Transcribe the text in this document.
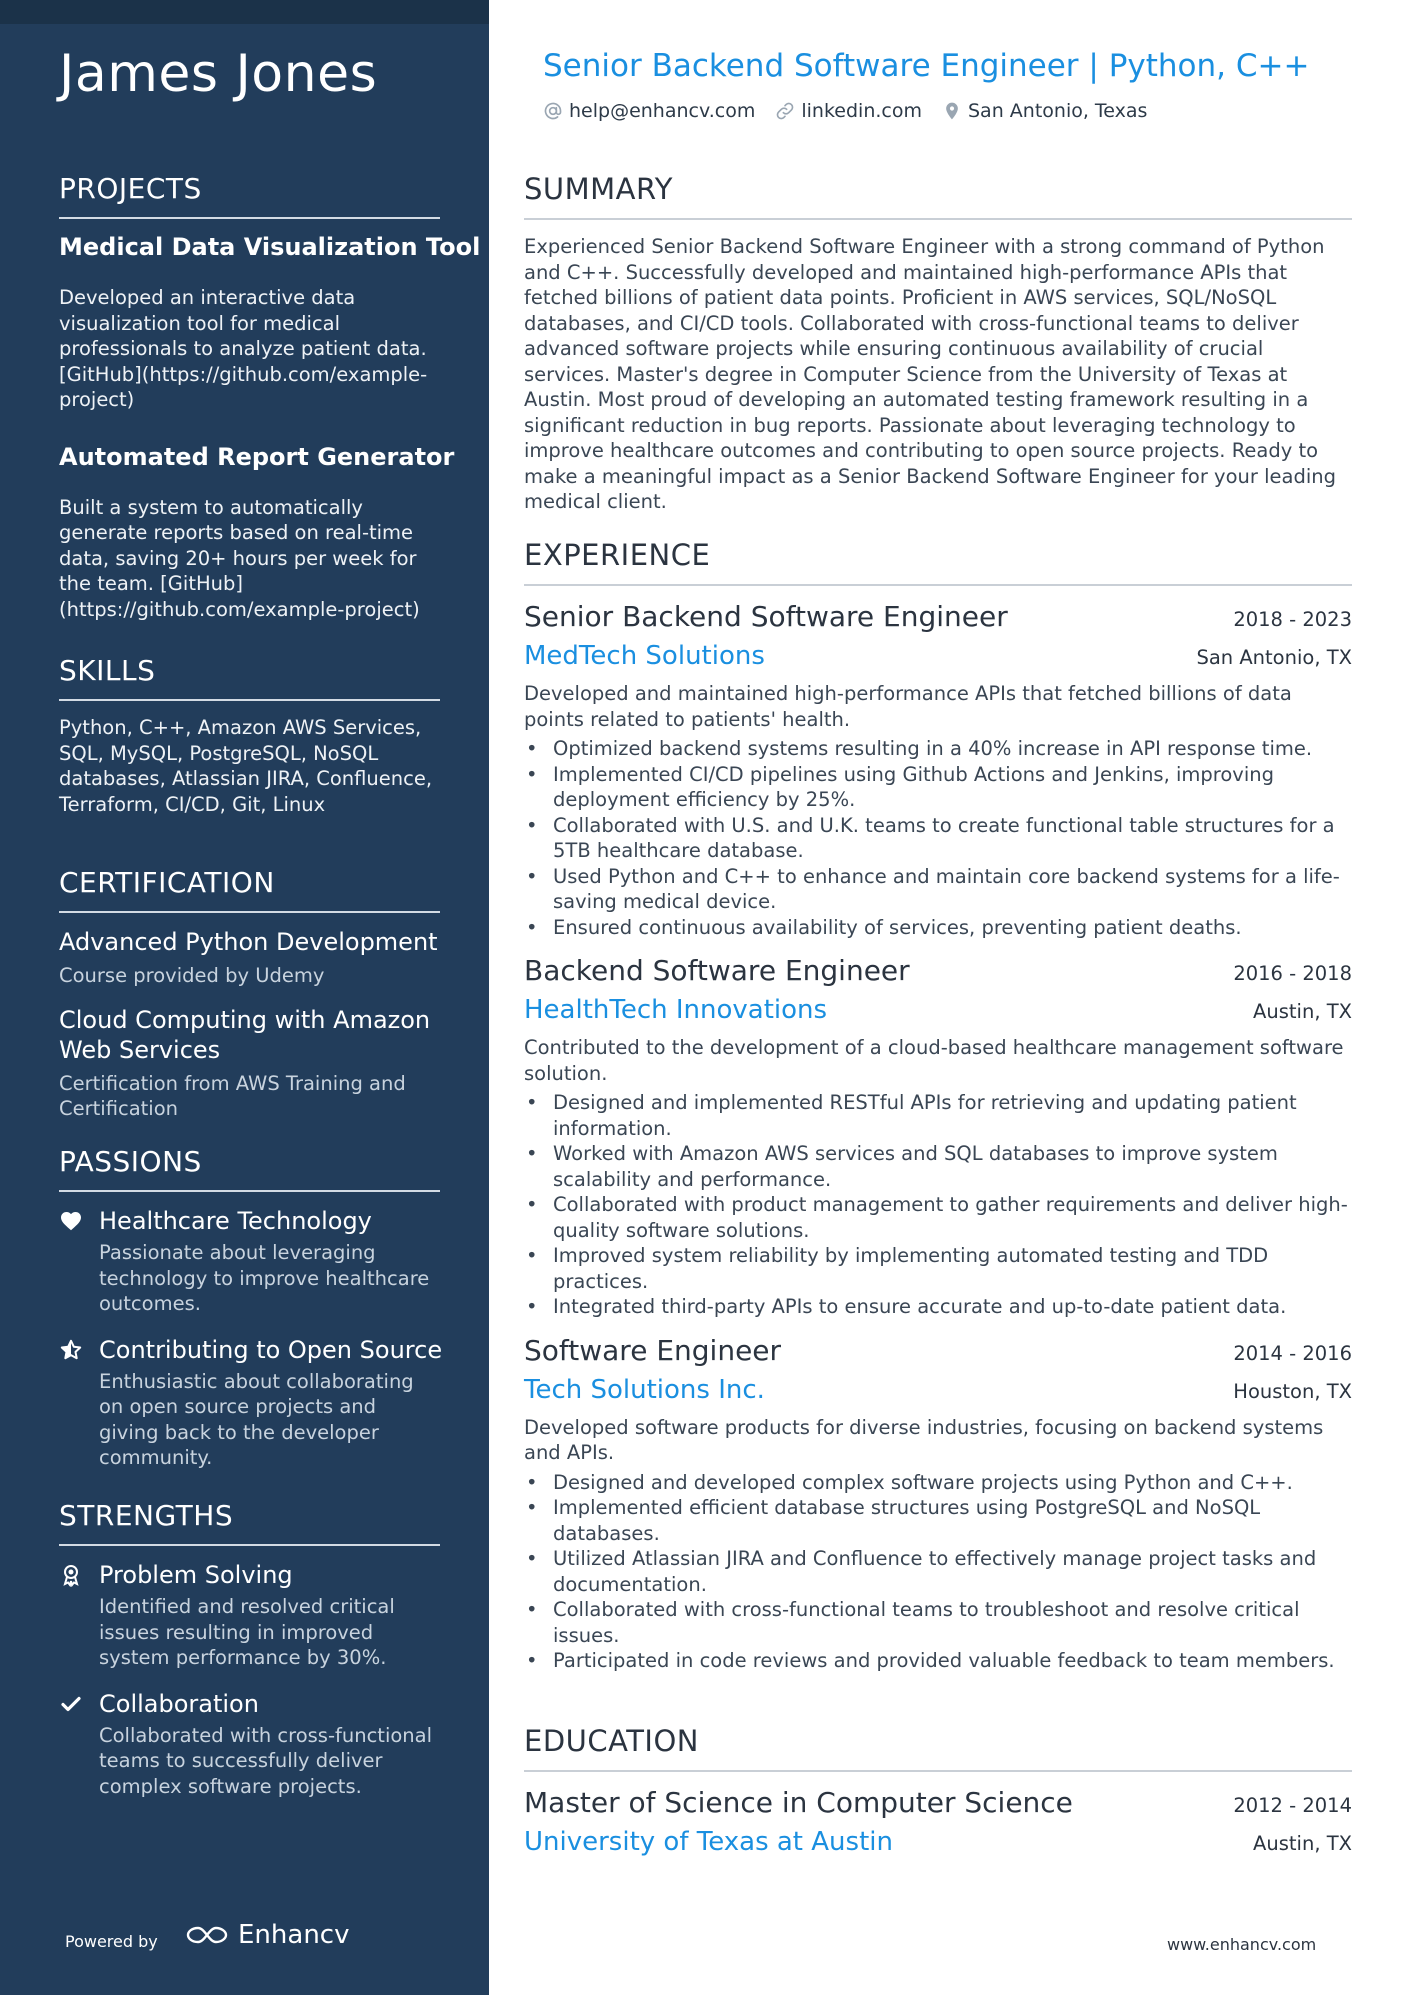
James Jones
PROJECTS
Medical Data Visualization Tool

Developed an interactive data visualization tool for medical professionals to analyze patient data. [GitHub](https://github.com/example-project)

Automated Report Generator

Built a system to automatically generate reports based on real-time data, saving 20+ hours per week for the team. [GitHub](https://github.com/example-project)

SKILLS

Python, C++, Amazon AWS Services, SQL, MySQL, PostgreSQL, NoSQL databases, Atlassian JIRA, Confluence, Terraform, CI/CD, Git, Linux

CERTIFICATION
Advanced Python Development
Course provided by Udemy
Cloud Computing with Amazon Web Services
Certification from AWS Training and Certification
PASSIONS
Healthcare Technology
Passionate about leveraging technology to improve healthcare outcomes.
Contributing to Open Source
Enthusiastic about collaborating on open source projects and giving back to the developer community.
STRENGTHS
Problem Solving
Identified and resolved critical issues resulting in improved system performance by 30%.
Collaboration
Collaborated with cross-functional teams to successfully deliver complex software projects.
Powered by	Enhancv
Senior Backend Software Engineer | Python, C++
help@enhancv.com linkedin.com San Antonio, Texas
SUMMARY

Experienced Senior Backend Software Engineer with a strong command of Python and C++. Successfully developed and maintained high-performance APIs that fetched billions of patient data points. Proficient in AWS services, SQL/NoSQL databases, and CI/CD tools. Collaborated with cross-functional teams to deliver advanced software projects while ensuring continuous availability of crucial services. Master's degree in Computer Science from the University of Texas at Austin. Most proud of developing an automated testing framework resulting in a significant reduction in bug reports. Passionate about leveraging technology to improve healthcare outcomes and contributing to open source projects. Ready to make a meaningful impact as a Senior Backend Software Engineer for your leading medical client.

EXPERIENCE
Senior Backend Software Engineer	2018 - 2023
MedTech Solutions	San Antonio, TX

Developed and maintained high-performance APIs that fetched billions of data points related to patients' health.

• Optimized backend systems resulting in a 40% increase in API response time.
• Implemented CI/CD pipelines using Github Actions and Jenkins, improving deployment efficiency by 25%.
• Collaborated with U.S. and U.K. teams to create functional table structures for a 5TB healthcare database.
• Used Python and C++ to enhance and maintain core backend systems for a life-saving medical device.
• Ensured continuous availability of services, preventing patient deaths.
Backend Software Engineer	2016 - 2018
HealthTech Innovations	Austin, TX

Contributed to the development of a cloud-based healthcare management software solution.

• Designed and implemented RESTful APIs for retrieving and updating patient information.
• Worked with Amazon AWS services and SQL databases to improve system scalability and performance.
• Collaborated with product management to gather requirements and deliver high-quality software solutions.
• Improved system reliability by implementing automated testing and TDD practices.
• Integrated third-party APIs to ensure accurate and up-to-date patient data.
Software Engineer	2014 - 2016
Tech Solutions Inc.	Houston, TX

Developed software products for diverse industries, focusing on backend systems and APIs.

• Designed and developed complex software projects using Python and C++.
• Implemented efficient database structures using PostgreSQL and NoSQL databases.
• Utilized Atlassian JIRA and Confluence to effectively manage project tasks and documentation.
• Collaborated with cross-functional teams to troubleshoot and resolve critical issues.
• Participated in code reviews and provided valuable feedback to team members.
EDUCATION
Master of Science in Computer Science	2012 - 2014
University of Texas at Austin	Austin, TX
www.enhancv.com
